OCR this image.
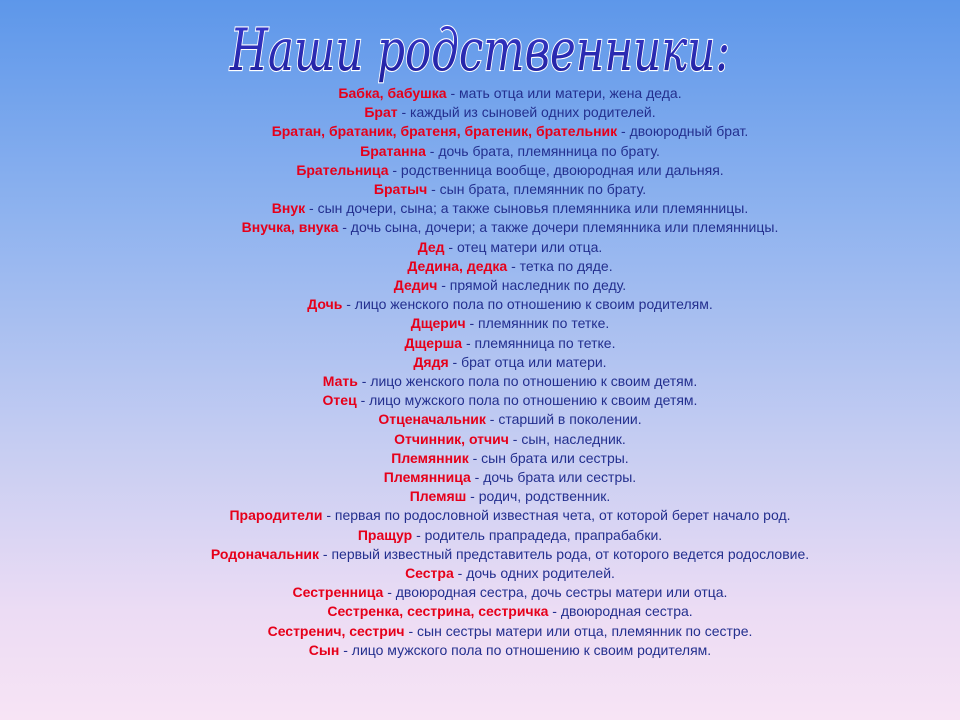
Наши родственники:
Бабка, бабушка - мать отца или матери, жена деда.
Брат - каждый из сыновей одних родителей.
Братан, братаник, братеня, братеник, брательник - двоюродный брат.
Братанна - дочь брата, племянница по брату.
Брательница - родственница вообще, двоюродная или дальняя.
Братыч - сын брата, племянник по брату.
Внук - сын дочери, сына; а также сыновья племянника или племянницы.
Внучка, внука - дочь сына, дочери; а также дочери племянника или племянницы.
Дед - отец матери или отца.
Дедина, дедка - тетка по дяде.
Дедич - прямой наследник по деду.
Дочь - лицо женского пола по отношению к своим родителям.
Дщерич - племянник по тетке.
Дщерша - племянница по тетке.
Дядя - брат отца или матери.
Мать - лицо женского пола по отношению к своим детям.
Отец - лицо мужского пола по отношению к своим детям.
Отценачальник - старший в поколении.
Отчинник, отчич - сын, наследник.
Племянник - сын брата или сестры.
Племянница - дочь брата или сестры.
Племяш - родич, родственник.
Прародители - первая по родословной известная чета, от которой берет начало род.
Пращур - родитель прапрадеда, прапрабабки.
Родоначальник - первый известный представитель рода, от которого ведется родословие.
Сестра - дочь одних родителей.
Сестренница - двоюродная сестра, дочь сестры матери или отца.
Сестренка, сестрина, сестричка - двоюродная сестра.
Сестренич, сестрич - сын сестры матери или отца, племянник по сестре.
Сын - лицо мужского пола по отношению к своим родителям.
